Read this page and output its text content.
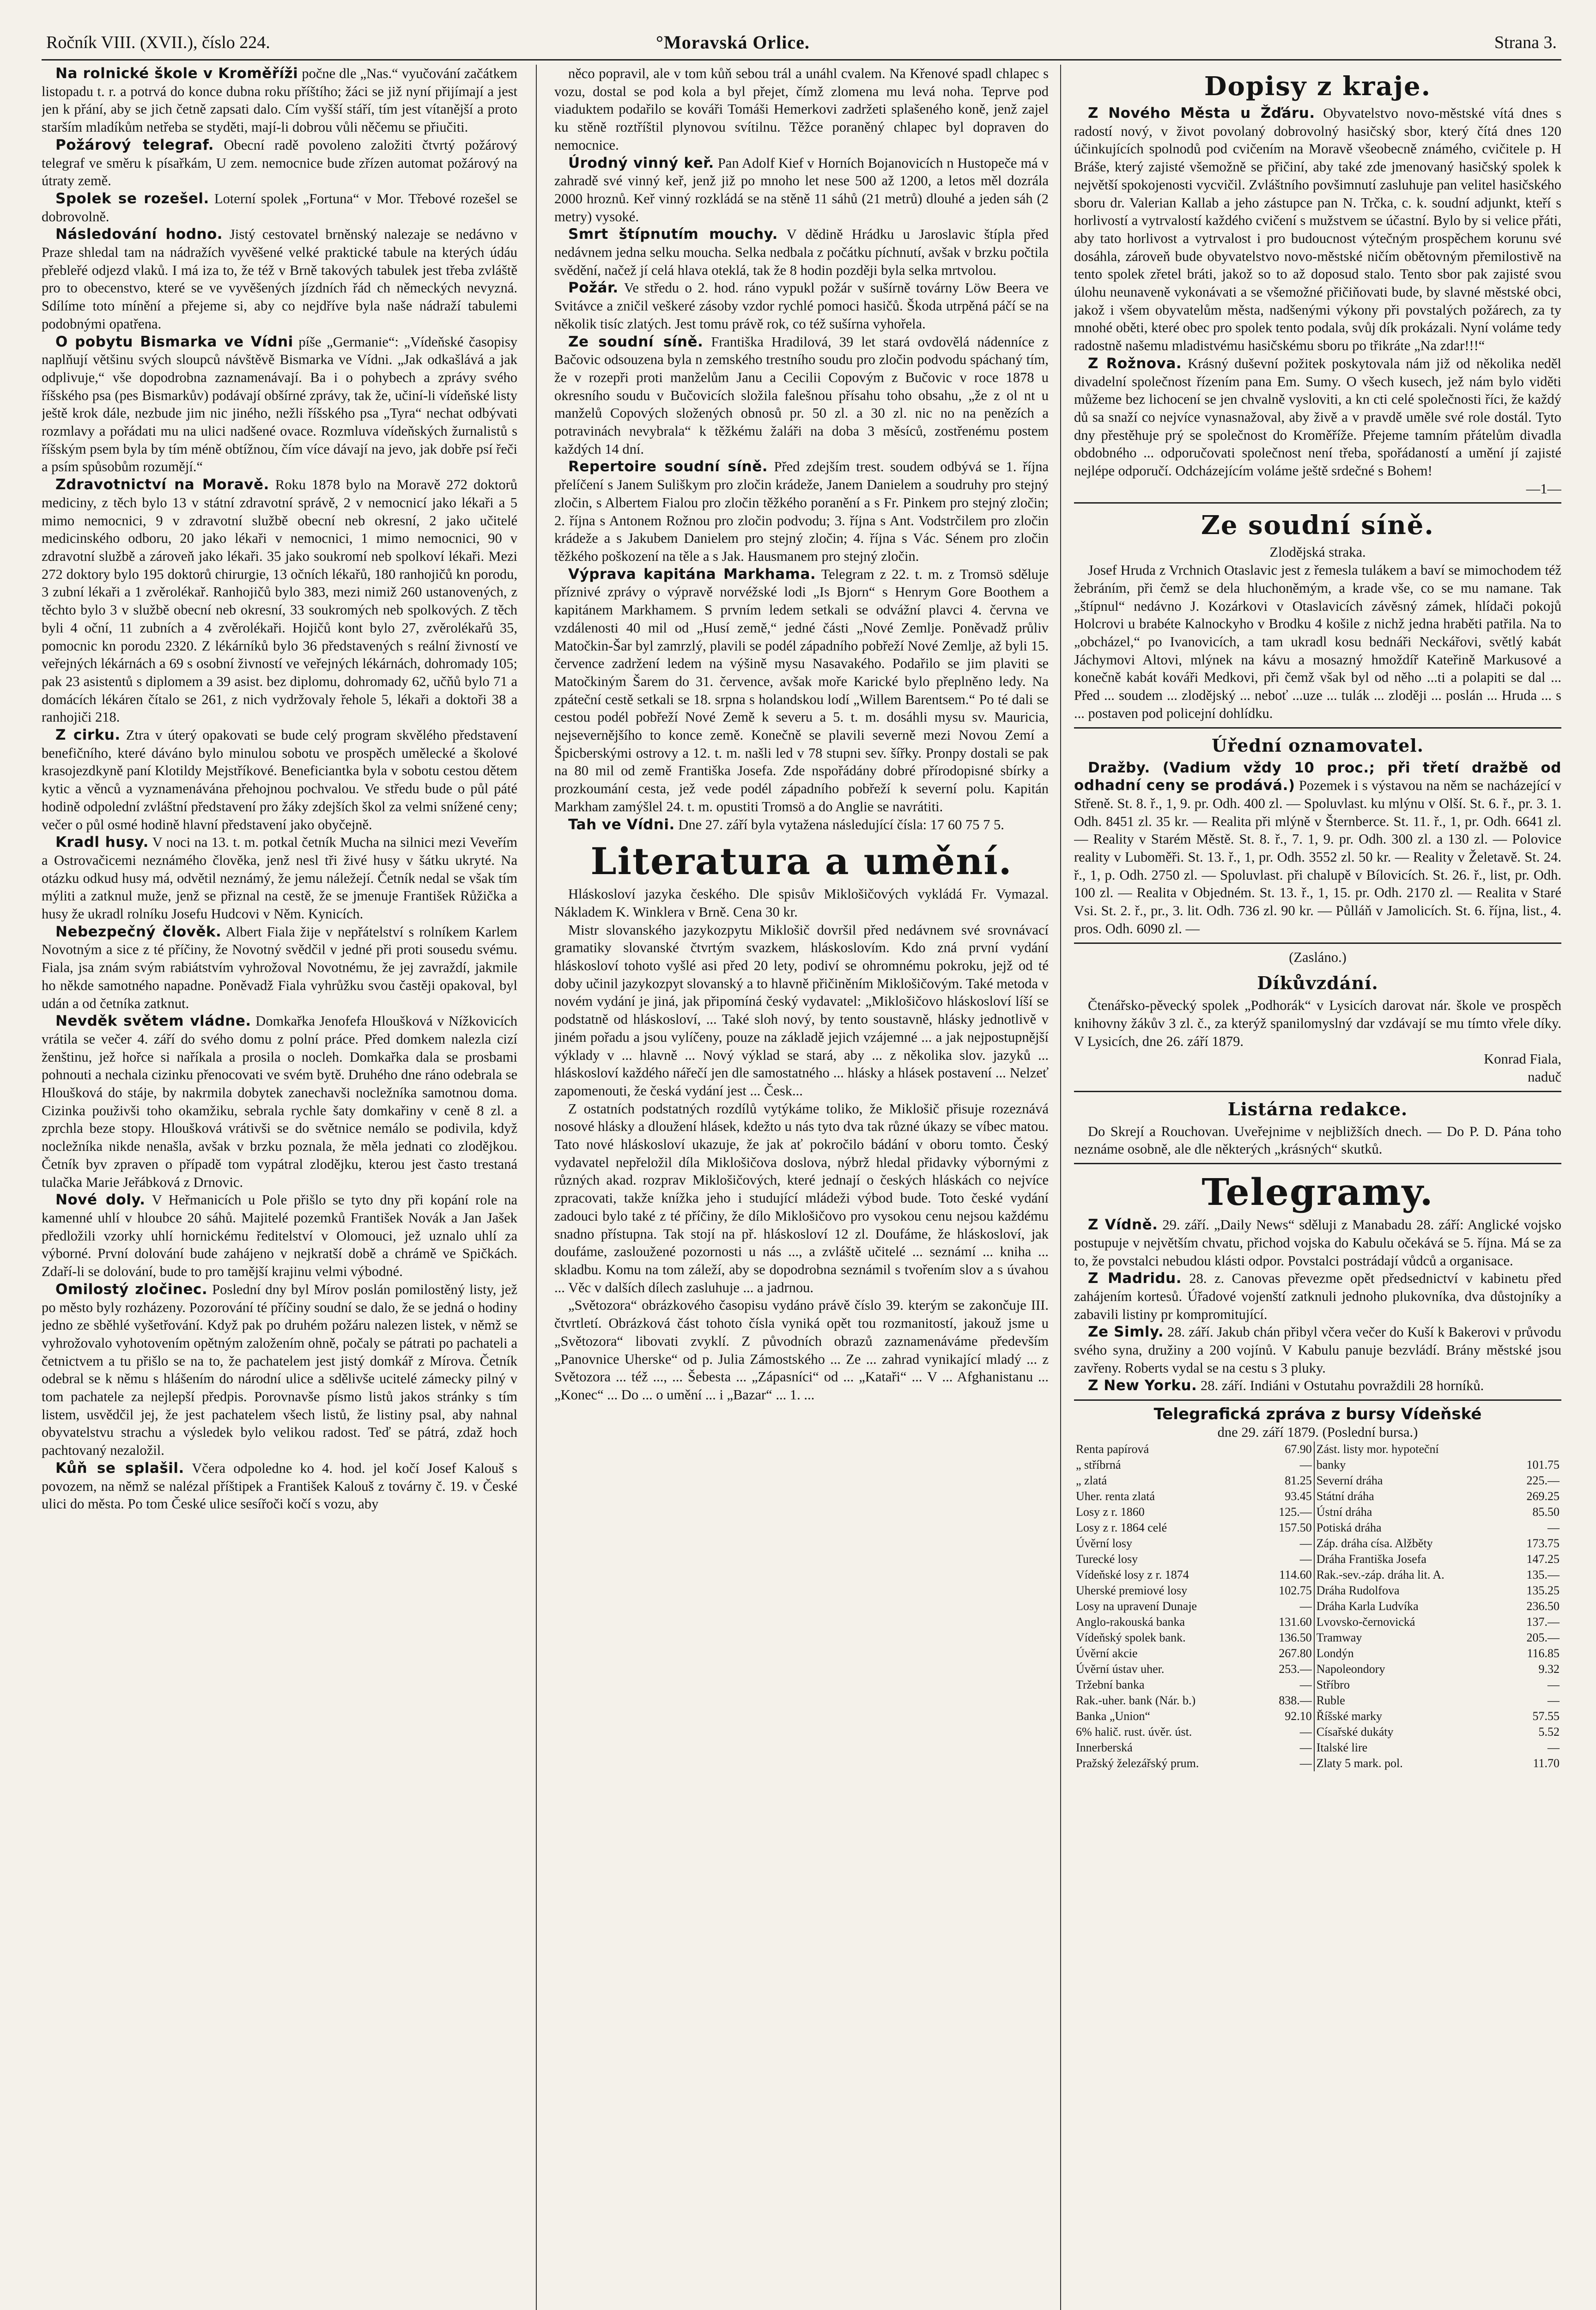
Ročník VIII. (XVII.), číslo 224.	°Moravská Orlice.	Strana 3.

Na rolnické škole v Kroměříži počne dle „Nas.“ vyučování začátkem listopadu t. r. a potrvá do konce dubna roku příštího; žáci se již nyní přijímají a jest jen k přání, aby se jich četně zapsati dalo. Cím vyšší stáří, tím jest vítanější a proto starším mladíkům netřeba se styděti, mají-li dobrou vůli něčemu se přiučiti.

Požárový telegraf. Obecní radě povoleno založiti čtvrtý požárový telegraf ve směru k písařkám, U zem. nemocnice bude zřízen automat požárový na útraty země.

Spolek se rozešel. Loterní spolek „Fortuna“ v Mor. Třebové rozešel se dobrovolně.

Následování hodno. Jistý cestovatel brněnský nalezaje se nedávno v Praze shledal tam na nádražích vyvěšené velké praktické tabule na kterých údáu přebleřé odjezd vlaků. I má iza to, že též v Brně takových tabulek jest třeba zvláště pro to obecenstvo, které se ve vyvěšených jízdních řád ch německých nevyzná. Sdílíme toto mínění a přejeme si, aby co nejdříve byla naše nádraží tabulemi podobnými opatřena.

O pobytu Bismarka ve Vídni píše „Germanie“: „Vídeňské časopisy naplňují většinu svých sloupců návštěvě Bismarka ve Vídni. „Jak odkašlává a jak odplivuje,“ vše dopodrobna zaznamenávají. Ba i o pohybech a zprávy svého říšského psa (pes Bismarkův) podávají obšírné zprávy, tak že, učiní-li vídeňské listy ještě krok dále, nezbude jim nic jiného, nežli říšského psa „Tyra“ nechat odbývati rozmlavy a pořádati mu na ulici nadšené ovace. Rozmluva vídeňských žurnalistů s říšským psem byla by tím méně obtížnou, čím více dávají na jevo, jak dobře psí řeči a psím spůsobům rozumějí.“

Zdravotnictví na Moravě. Roku 1878 bylo na Moravě 272 doktorů mediciny, z těch bylo 13 v státní zdravotní správě, 2 v nemocnicí jako lékaři a 5 mimo nemocnici, 9 v zdravotní službě obecní neb okresní, 2 jako učitelé medicinského odboru, 20 jako lékaři v nemocnici, 1 mimo nemocnici, 90 v zdravotní službě a zároveň jako lékaři. 35 jako soukromí neb spolkoví lékaři. Mezi 272 doktory bylo 195 doktorů chirurgie, 13 očních lékařů, 180 ranhojičů kn porodu, 3 zubní lékaři a 1 zvěrolékař. Ranhojičů bylo 383, mezi nimiž 260 ustanovených, z těchto bylo 3 v službě obecní neb okresní, 33 soukromých neb spolkových. Z těch byli 4 oční, 11 zubních a 4 zvěrolékaři. Hojičů kont bylo 27, zvěrolékařů 35, pomocnic kn porodu 2320. Z lékárníků bylo 36 představených s reální živností ve veřejných lékárnách a 69 s osobní živností ve veřejných lékárnách, dohromady 105; pak 23 asistentů s diplomem a 39 asist. bez diplomu, dohromady 62, učňů bylo 71 a domácích lékáren čítalo se 261, z nich vydržovaly řehole 5, lékaři a doktoři 38 a ranhojiči 218.

Z cirku. Ztra v úterý opakovati se bude celý program skvělého představení benefičního, které dáváno bylo minulou sobotu ve prospěch umělecké a školové krasojezdkyně paní Klotildy Mejstříkové. Beneficiantka byla v sobotu cestou dětem kytic a věnců a vyznamenávána přehojnou pochvalou. Ve středu bude o půl páté hodině odpolední zvláštní představení pro žáky zdejších škol za velmi snížené ceny; večer o půl osmé hodině hlavní představení jako obyčejně.

Kradl husy. V noci na 13. t. m. potkal četník Mucha na silnici mezi Veveřím a Ostrovačicemi neznámého člověka, jenž nesl tři živé husy v šátku ukryté. Na otázku odkud husy má, odvětil neznámý, že jemu náležejí. Četník nedal se však tím mýliti a zatknul muže, jenž se přiznal na cestě, že se jmenuje František Růžička a husy že ukradl rolníku Josefu Hudcovi v Něm. Kynicích.

Nebezpečný člověk. Albert Fiala žije v nepřátelství s rolníkem Karlem Novotným a sice z té příčiny, že Novotný svědčil v jedné při proti sousedu svému. Fiala, jsa znám svým rabiátstvím vyhrožoval Novotnému, že jej zavraždí, jakmile ho někde samotného napadne. Poněvadž Fiala vyhrůžku svou častěji opakoval, byl udán a od četníka zatknut.

Nevděk světem vládne. Domkařka Jenofefa Hloušková v Nížkovicích vrátila se večer 4. září do svého domu z polní práce. Před domkem nalezla cizí ženštinu, jež hořce si naříkala a prosila o nocleh. Domkařka dala se prosbami pohnouti a nechala cizinku přenocovati ve svém bytě. Druhého dne ráno odebrala se Hloušková do stáje, by nakrmila dobytek zanechavši nocležníka samotnou doma. Cizinka použivši toho okamžiku, sebrala rychle šaty domkařiny v ceně 8 zl. a zprchla beze stopy. Hloušková vrátivši se do světnice nemálo se podivila, když nocležníka nikde nenašla, avšak v brzku poznala, že měla jednati co zlodějkou. Četník byv zpraven o případě tom vypátral zlodějku, kterou jest často trestaná tulačka Marie Jeřábková z Drnovic.

Nové doly. V Heřmanicích u Pole přišlo se tyto dny při kopání role na kamenné uhlí v hloubce 20 sáhů. Majitelé pozemků František Novák a Jan Jašek předložili vzorky uhlí hornickému ředitelství v Olomouci, jež uznalo uhlí za výborné. První dolování bude zahájeno v nejkratší době a chrámě ve Spičkách. Zdaří-li se dolování, bude to pro tamější krajinu velmi výbodné.

Omilostý zločinec. Poslední dny byl Mírov poslán pomilostěný listy, jež po město byly rozházeny. Pozorování té příčiny soudní se dalo, že se jedná o hodiny jedno ze sběhlé vyšetřování. Když pak po druhém požáru nalezen listek, v němž se vyhrožovalo vyhotovením opětným založením ohně, počaly se pátrati po pachateli a četnictvem a tu přišlo se na to, že pachatelem jest jistý domkář z Mírova. Četník odebral se k němu s hlášením do národní ulice a sdělivše ucitelé zámecky pilný v tom pachatele za nejlepší předpis. Porovnavše písmo listů jakos stránky s tím listem, usvědčil jej, že jest pachatelem všech listů, že listiny psal, aby nahnal obyvatelstvu strachu a výsledek bylo velikou radost. Teď se pátrá, zdaž hoch pachtovaný nezaložil.

Kůň se splašil. Včera odpoledne ko 4. hod. jel kočí Josef Kalouš s povozem, na němž se nalézal příštipek a František Kalouš z továrny č. 19. v České ulici do města. Po tom České ulice sesířoči kočí s vozu, aby

něco popravil, ale v tom kůň sebou trál a unáhl cvalem. Na Křenové spadl chlapec s vozu, dostal se pod kola a byl přejet, čímž zlomena mu levá noha. Teprve pod viaduktem podařilo se kováři Tomáši Hemerkovi zadržeti splašeného koně, jenž zajel ku stěně roztříštil plynovou svítilnu. Těžce poraněný chlapec byl dopraven do nemocnice.

Úrodný vinný keř. Pan Adolf Kief v Horních Bojanovicích n Hustopeče má v zahradě své vinný keř, jenž již po mnoho let nese 500 až 1200, a letos měl dozrála 2000 hroznů. Keř vinný rozkládá se na stěně 11 sáhů (21 metrů) dlouhé a jeden sáh (2 metry) vysoké.

Smrt štípnutím mouchy. V dědině Hrádku u Jaroslavic štípla před nedávnem jedna selku moucha. Selka nedbala z počátku píchnutí, avšak v brzku počtila svědění, načež jí celá hlava oteklá, tak že 8 hodin později byla selka mrtvolou.

Požár. Ve středu o 2. hod. ráno vypukl požár v sušírně továrny Löw Beera ve Svitávce a zničil veškeré zásoby vzdor rychlé pomoci hasičů. Škoda utrpěná páčí se na několik tisíc zlatých. Jest tomu právě rok, co též sušírna vyhořela.

Ze soudní síně. Františka Hradilová, 39 let stará ovdovělá nádenníce z Bačovic odsouzena byla n zemského trestního soudu pro zločin podvodu spáchaný tím, že v rozepři proti manželům Janu a Cecilii Copovým z Bučovic v roce 1878 u okresního soudu v Bučovicích složila falešnou přísahu toho obsahu, „že z ol nt u manželů Copových složených obnosů pr. 50 zl. a 30 zl. nic no na penězích a potravinách nevybrala“ k těžkému žaláři na doba 3 měsíců, zostřenému postem každých 14 dní.

Repertoire soudní síně. Před zdejším trest. soudem odbývá se 1. října přelíčení s Janem Suliškym pro zločin krádeže, Janem Danielem a soudruhy pro stejný zločin, s Albertem Fialou pro zločin těžkého poranění a s Fr. Pinkem pro stejný zločin; 2. října s Antonem Rožnou pro zločin podvodu; 3. října s Ant. Vodstrčilem pro zločin krádeže a s Jakubem Danielem pro stejný zločin; 4. října s Vác. Sénem pro zločin těžkého poškození na těle a s Jak. Hausmanem pro stejný zločin.

Výprava kapitána Markhama. Telegram z 22. t. m. z Tromsö sděluje příznivé zprávy o výpravě norvéžské lodi „Is Bjorn“ s Henrym Gore Boothem a kapitánem Markhamem. S prvním ledem setkali se odvážní plavci 4. června ve vzdálenosti 40 mil od „Husí země,“ jedné části „Nové Zemlje. Poněvadž průliv Matočkin-Šar byl zamrzlý, plavili se podél západního pobřeží Nové Zemlje, až byli 15. července zadržení ledem na výšině mysu Nasavakého. Podařilo se jim plaviti se Matočkiným Šarem do 31. července, avšak moře Karické bylo přeplněno ledy. Na zpáteční cestě setkali se 18. srpna s holandskou lodí „Willem Barentsem.“ Po té dali se cestou podél pobřeží Nové Země k severu a 5. t. m. dosáhli mysu sv. Mauricia, nejsevernějšího to konce země. Konečně se plavili severně mezi Novou Zemí a Špicberskými ostrovy a 12. t. m. našli led v 78 stupni sev. šířky. Pronpy dostali se pak na 80 mil od země Františka Josefa. Zde nspořádány dobré přírodopisné sbírky a prozkoumání cesta, jež vede podél západního pobřeží k severní polu. Kapitán Markham zamýšlel 24. t. m. opustiti Tromsö a do Anglie se navrátiti.

Tah ve Vídni. Dne 27. září byla vytažena následující čísla: 17 60 75 7 5.

Literatura a umění.

Hláskosloví jazyka českého. Dle spisův Miklošičových vykládá Fr. Vymazal. Nákladem K. Winklera v Brně. Cena 30 kr.

Mistr slovanského jazykozpytu Miklošič dovršil před nedávnem své srovnávací gramatiky slovanské čtvrtým svazkem, hláskoslovím. Kdo zná první vydání hláskosloví tohoto vyšlé asi před 20 lety, podiví se ohromnému pokroku, jejž od té doby učinil jazykozpyt slovanský a to hlavně přičiněním Miklošičovým. Také metoda v novém vydání je jiná, jak připomíná český vydavatel: „Miklošičovo hláskosloví líší se podstatně od hláskosloví, ... Také sloh nový, by tento soustavně, hlásky jednotlivě v jiném pořadu a jsou vylíčeny, pouze na základě jejich vzájemné ... a jak nejpostupnější výklady v ... hlavně ... Nový výklad se stará, aby ... z několika slov. jazyků ... hláskosloví každého nářečí jen dle samostatného ... hlásky a hlásek postavení ... Nelzeť zapomenouti, že česká vydání jest ... Česk...

Z ostatních podstatných rozdílů vytýkáme toliko, že Miklošič přisuje rozeznává nosové hlásky a dloužení hlásek, kdežto u nás tyto dva tak různé úkazy se víbec matou. Tato nové hláskosloví ukazuje, že jak ať pokročilo bádání v oboru tomto. Český vydavatel nepřeložil díla Miklošičova doslova, nýbrž hledal přidavky výbornými z různých akad. rozprav Miklošičových, které jednají o českých hláskách co nejvíce zpracovati, takže knížka jeho i studující mládeži výbod bude. Toto české vydání zadouci bylo také z té příčiny, že dílo Miklošičovo pro vysokou cenu nejsou každému snadno přístupna. Tak stojí na př. hláskosloví 12 zl. Doufáme, že hláskosloví, jak doufáme, zasloužené pozornosti u nás ..., a zvláště učitelé ... seznámí ... kniha ... skladbu. Komu na tom záleží, aby se dopodrobna seznámil s tvořením slov a s úvahou ... Věc v dalších dílech zasluhuje ... a jadrnou.

„Světozora“ obrázkového časopisu vydáno právě číslo 39. kterým se zakončuje III. čtvrtletí. Obrázková část tohoto čísla vyniká opět tou rozmanitostí, jakouž jsme u „Světozora“ libovati zvyklí. Z původních obrazů zaznamenáváme především „Panovnice Uherske“ od p. Julia Zámostského ... Ze ... zahrad vynikající mladý ... z Světozora ... též ..., ... Šebesta ... „Zápasníci“ od ... „Kataři“ ... V ... Afghanistanu ... „Konec“ ... Do ... o umění ... i „Bazar“ ... 1. ...

Dopisy z kraje.

Z Nového Města u Žďáru. Obyvatelstvo novo-městské vítá dnes s radostí nový, v život povolaný dobrovolný hasičský sbor, který čítá dnes 120 účinkujících spolnodů pod cvičením na Moravě všeobecně známého, cvičitele p. H Bráše, který zajisté všemožně se přičiní, aby také zde jmenovaný hasičský spolek k největší spokojenosti vycvičil. Zvláštního povšimnutí zasluhuje pan velitel hasičského sboru dr. Valerian Kallab a jeho zástupce pan N. Trčka, c. k. soudní adjunkt, kteří s horlivostí a vytrvalostí každého cvičení s mužstvem se účastní. Bylo by si velice přáti, aby tato horlivost a vytrvalost i pro budoucnost výtečným prospěchem korunu své dosáhla, zároveň bude obyvatelstvo novo-městské ničím obětovným přemilostivě na tento spolek zřetel bráti, jakož so to až doposud stalo. Tento sbor pak zajisté svou úlohu neunaveně vykonávati a se všemožné přičiňovati bude, by slavné městské obci, jakož i všem obyvatelům města, nadšenými výkony při povstalých požárech, za ty mnohé oběti, které obec pro spolek tento podala, svůj dík prokázali. Nyní voláme tedy radostně našemu mladistvému hasičskému sboru po třikráte „Na zdar!!!“

Z Rožnova. Krásný duševní požitek poskytovala nám již od několika neděl divadelní společnost řízením pana Em. Sumy. O všech kusech, jež nám bylo viděti můžeme bez lichocení se jen chvalně vysloviti, a kn cti celé společnosti říci, že každý dů sa snaží co nejvíce vynasnažoval, aby živě a v pravdě uměle své role dostál. Tyto dny přestěhuje prý se společnost do Kroměříže. Přejeme tamním přátelům divadla obdobného ... odporučovati společnost není třeba, spořádaností a umění jí zajisté nejlépe odporučí. Odcházejícím voláme ještě srdečné s Bohem!

—1—

Ze soudní síně.

Zlodějská straka.

Josef Hruda z Vrchnich Otaslavic jest z řemesla tulákem a baví se mimochodem též žebráním, při čemž se dela hluchoněmým, a krade vše, co se mu namane. Tak „štípnul“ nedávno J. Kozárkovi v Otaslavicích závěsný zámek, hlídači pokojů Holcrovi u brabéte Kalnockyho v Brodku 4 košile z nichž jedna hraběti patřila. Na to „obcházel,“ po Ivanovicích, a tam ukradl kosu bednáři Neckářovi, světlý kabát Jáchymovi Altovi, mlýnek na kávu a mosazný hmoždíř Kateřině Markusové a konečně kabát kováři Medkovi, při čemž však byl od něho ...ti a polapiti se dal ... Před ... soudem ... zlodějský ... neboť ...uze ... tulák ... zloději ... poslán ... Hruda ... s ... postaven pod policejní dohlídku.

Úřední oznamovatel.

Dražby. (Vadium vždy 10 proc.; při třetí dražbě od odhadní ceny se prodává.) Pozemek i s výstavou na něm se nacházející v Střeně. St. 8. ř., 1, 9. pr. Odh. 400 zl. — Spoluvlast. ku mlýnu v Olší. St. 6. ř., pr. 3. 1. Odh. 8451 zl. 35 kr. — Realita při mlýně v Šternberce. St. 11. ř., 1, pr. Odh. 6641 zl. — Reality v Starém Městě. St. 8. ř., 7. 1, 9. pr. Odh. 300 zl. a 130 zl. — Polovice reality v Luboměři. St. 13. ř., 1, pr. Odh. 3552 zl. 50 kr. — Reality v Želetavě. St. 24. ř., 1, p. Odh. 2750 zl. — Spoluvlast. při chalupě v Bílovicích. St. 26. ř., list, pr. Odh. 100 zl. — Realita v Objedném. St. 13. ř., 1, 15. pr. Odh. 2170 zl. — Realita v Staré Vsi. St. 2. ř., pr., 3. lit. Odh. 736 zl. 90 kr. — Půlláň v Jamolicích. St. 6. října, list., 4. pros. Odh. 6090 zl. —

(Zasláno.)

Díkůvzdání.

Čtenářsko-pěvecký spolek „Podhorák“ v Lysicích darovat nár. škole ve prospěch knihovny žákův 3 zl. č., za kterýž spanilomyslný dar vzdávají se mu tímto vřele díky. V Lysicích, dne 26. září 1879.

Konrad Fiala,

naduč

Listárna redakce.

Do Skrejí a Rouchovan. Uveřejnime v nejbližších dnech. — Do P. D. Pána toho neznáme osobně, ale dle některých „krásných“ skutků.

Telegramy.

Z Vídně. 29. září. „Daily News“ sděluji z Manabadu 28. září: Anglické vojsko postupuje v největším chvatu, přichod vojska do Kabulu očekává se 5. října. Má se za to, že povstalci nebudou klásti odpor. Povstalci postrádají vůdců a organisace.

Z Madridu. 28. z. Canovas převezme opět předsednictví v kabinetu před zahájením kortesů. Úřadové vojenští zatknuli jednoho plukovníka, dva důstojníky a zabavili listiny pr kompromitující.

Ze Simly. 28. září. Jakub chán přibyl včera večer do Kuší k Bakerovi v průvodu svého syna, družiny a 200 vojínů. V Kabulu panuje bezvládí. Brány městské jsou zavřeny. Roberts vydal se na cestu s 3 pluky.

Z New Yorku. 28. září. Indiáni v Ostutahu povraždili 28 horníků.

Telegrafická zpráva z bursy Vídeňské

dne 29. září 1879. (Poslední bursa.)

Renta papírová	67.90	Zást. listy mor. hypoteční	
„ stříbrná	—	banky	101.75
„ zlatá	81.25	Severní dráha	225.—
Uher. renta zlatá	93.45	Státní dráha	269.25
Losy z r. 1860	125.—	Ústní dráha	85.50
Losy z r. 1864 celé	157.50	Potiská dráha	—
Úvěrní losy	—	Záp. dráha císa. Alžběty	173.75
Turecké losy	—	Dráha Františka Josefa	147.25
Vídeňské losy z r. 1874	114.60	Rak.-sev.-záp. dráha lit. A.	135.—
Uherské premiové losy	102.75	Dráha Rudolfova	135.25
Losy na upravení Dunaje	—	Dráha Karla Ludvíka	236.50
Anglo-rakouská banka	131.60	Lvovsko-černovická	137.—
Vídeňský spolek bank.	136.50	Tramway	205.—
Úvěrní akcie	267.80	Londýn	116.85
Úvěrní ústav uher.	253.—	Napoleondory	9.32
Tržební banka	—	Stříbro	—
Rak.-uher. bank (Nár. b.)	838.—	Ruble	—
Banka „Union“	92.10	Říšské marky	57.55
6% halič. rust. úvěr. úst.	—	Císařské dukáty	5.52
Innerberská	—	Italské lire	—
Pražský železářský prum.	—	Zlaty 5 mark. pol.	11.70
